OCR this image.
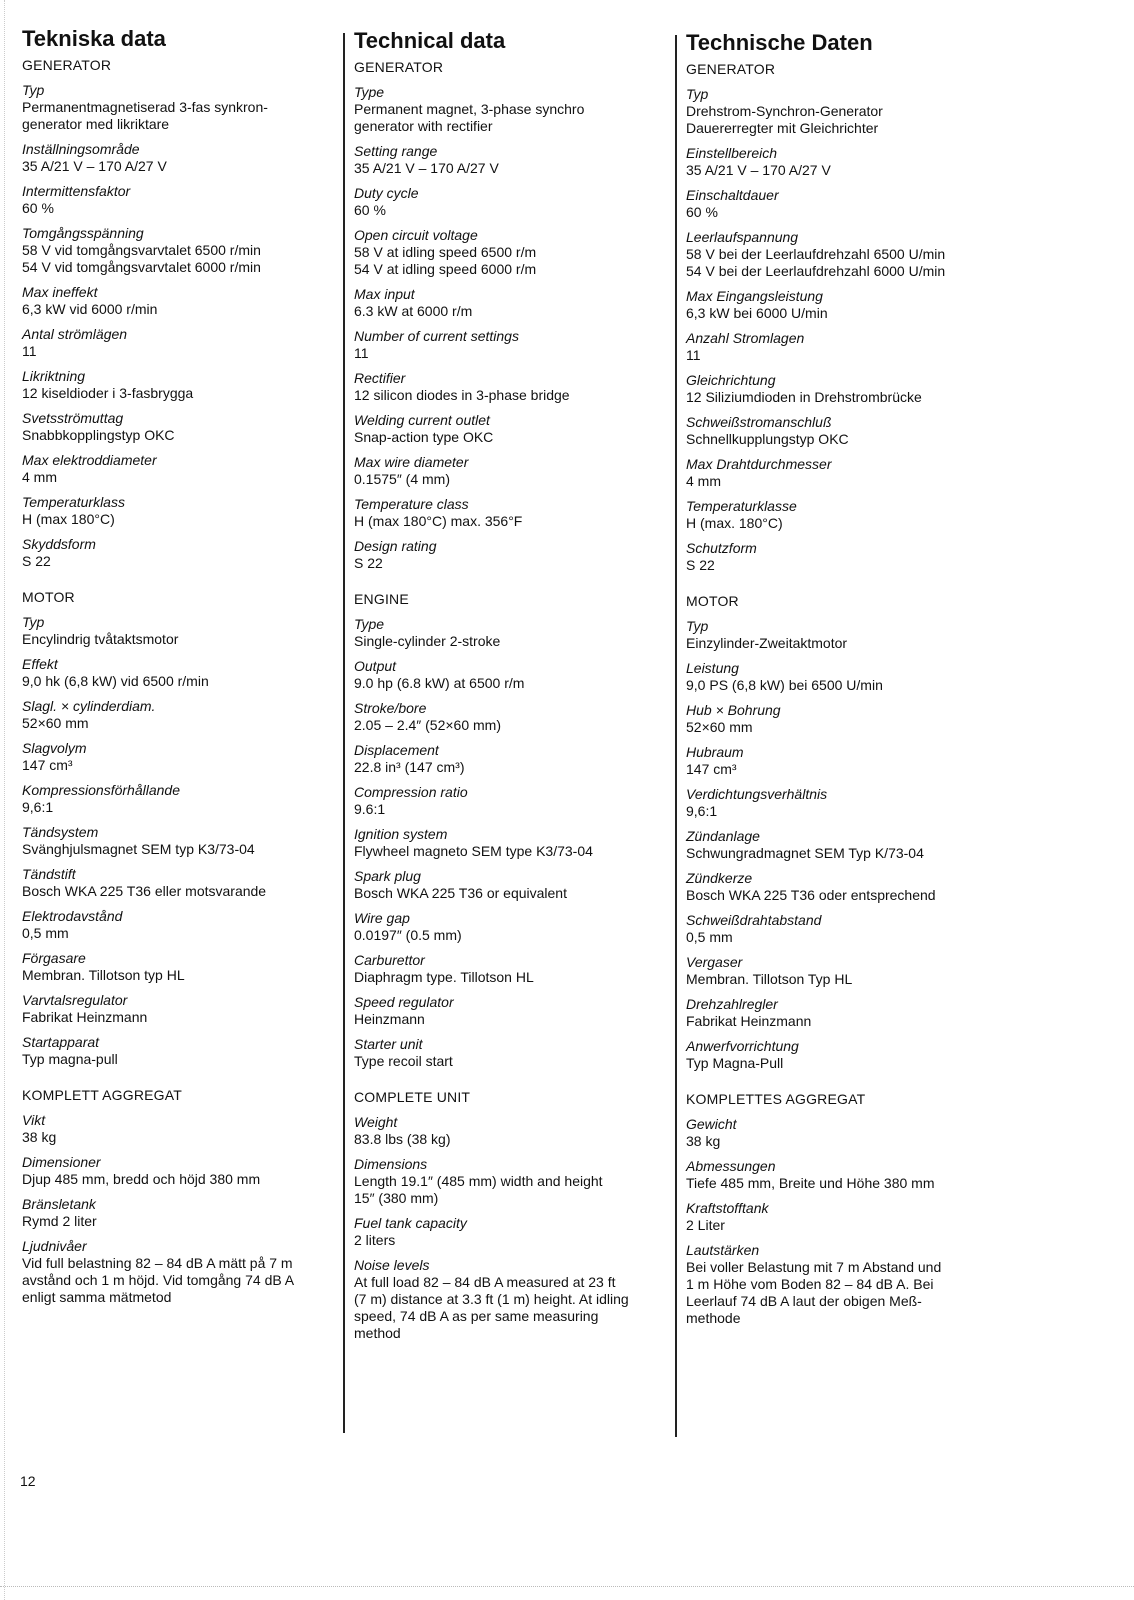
Tekniska data
GENERATOR
Typ
Permanentmagnetiserad 3-fas synkron-
generator med likriktare
Inställningsområde
35 A/21 V – 170 A/27 V
Intermittensfaktor
60 %
Tomgångsspänning
58 V vid tomgångsvarvtalet 6500 r/min
54 V vid tomgångsvarvtalet 6000 r/min
Max ineffekt
6,3 kW vid 6000 r/min
Antal strömlägen
11
Likriktning
12 kiseldioder i 3-fasbrygga
Svetsströmuttag
Snabbkopplingstyp OKC
Max elektroddiameter
4 mm
Temperaturklass
H (max 180°C)
Skyddsform
S 22
MOTOR
Typ
Encylindrig tvåtaktsmotor
Effekt
9,0 hk (6,8 kW) vid 6500 r/min
Slagl. × cylinderdiam.
52×60 mm
Slagvolym
147 cm³
Kompressionsförhållande
9,6:1
Tändsystem
Svänghjulsmagnet SEM typ K3/73-04
Tändstift
Bosch WKA 225 T36 eller motsvarande
Elektrodavstånd
0,5 mm
Förgasare
Membran. Tillotson typ HL
Varvtalsregulator
Fabrikat Heinzmann
Startapparat
Typ magna-pull
KOMPLETT AGGREGAT
Vikt
38 kg
Dimensioner
Djup 485 mm, bredd och höjd 380 mm
Bränsletank
Rymd 2 liter
Ljudnivåer
Vid full belastning 82 – 84 dB A mätt på 7 m
avstånd och 1 m höjd. Vid tomgång 74 dB A
enligt samma mätmetod
Technical data
GENERATOR
Type
Permanent magnet, 3-phase synchro
generator with rectifier
Setting range
35 A/21 V – 170 A/27 V
Duty cycle
60 %
Open circuit voltage
58 V at idling speed 6500 r/m
54 V at idling speed 6000 r/m
Max input
6.3 kW at 6000 r/m
Number of current settings
11
Rectifier
12 silicon diodes in 3-phase bridge
Welding current outlet
Snap-action type OKC
Max wire diameter
0.1575″ (4 mm)
Temperature class
H (max 180°C) max. 356°F
Design rating
S 22
ENGINE
Type
Single-cylinder 2-stroke
Output
9.0 hp (6.8 kW) at 6500 r/m
Stroke/bore
2.05 – 2.4″ (52×60 mm)
Displacement
22.8 in³ (147 cm³)
Compression ratio
9.6:1
Ignition system
Flywheel magneto SEM type K3/73-04
Spark plug
Bosch WKA 225 T36 or equivalent
Wire gap
0.0197″ (0.5 mm)
Carburettor
Diaphragm type. Tillotson HL
Speed regulator
Heinzmann
Starter unit
Type recoil start
COMPLETE UNIT
Weight
83.8 lbs (38 kg)
Dimensions
Length 19.1″ (485 mm) width and height
15″ (380 mm)
Fuel tank capacity
2 liters
Noise levels
At full load 82 – 84 dB A measured at 23 ft
(7 m) distance at 3.3 ft (1 m) height. At idling
speed, 74 dB A as per same measuring
method
Technische Daten
GENERATOR
Typ
Drehstrom-Synchron-Generator
Dauererregter mit Gleichrichter
Einstellbereich
35 A/21 V – 170 A/27 V
Einschaltdauer
60 %
Leerlaufspannung
58 V bei der Leerlaufdrehzahl 6500 U/min
54 V bei der Leerlaufdrehzahl 6000 U/min
Max Eingangsleistung
6,3 kW bei 6000 U/min
Anzahl Stromlagen
11
Gleichrichtung
12 Siliziumdioden in Drehstrombrücke
Schweißstromanschluß
Schnellkupplungstyp OKC
Max Drahtdurchmesser
4 mm
Temperaturklasse
H (max. 180°C)
Schutzform
S 22
MOTOR
Typ
Einzylinder-Zweitaktmotor
Leistung
9,0 PS (6,8 kW) bei 6500 U/min
Hub × Bohrung
52×60 mm
Hubraum
147 cm³
Verdichtungsverhältnis
9,6:1
Zündanlage
Schwungradmagnet SEM Typ K/73-04
Zündkerze
Bosch WKA 225 T36 oder entsprechend
Schweißdrahtabstand
0,5 mm
Vergaser
Membran. Tillotson Typ HL
Drehzahlregler
Fabrikat Heinzmann
Anwerfvorrichtung
Typ Magna-Pull
KOMPLETTES AGGREGAT
Gewicht
38 kg
Abmessungen
Tiefe 485 mm, Breite und Höhe 380 mm
Kraftstofftank
2 Liter
Lautstärken
Bei voller Belastung mit 7 m Abstand und
1 m Höhe vom Boden 82 – 84 dB A. Bei
Leerlauf 74 dB A laut der obigen Meß-
methode
12
